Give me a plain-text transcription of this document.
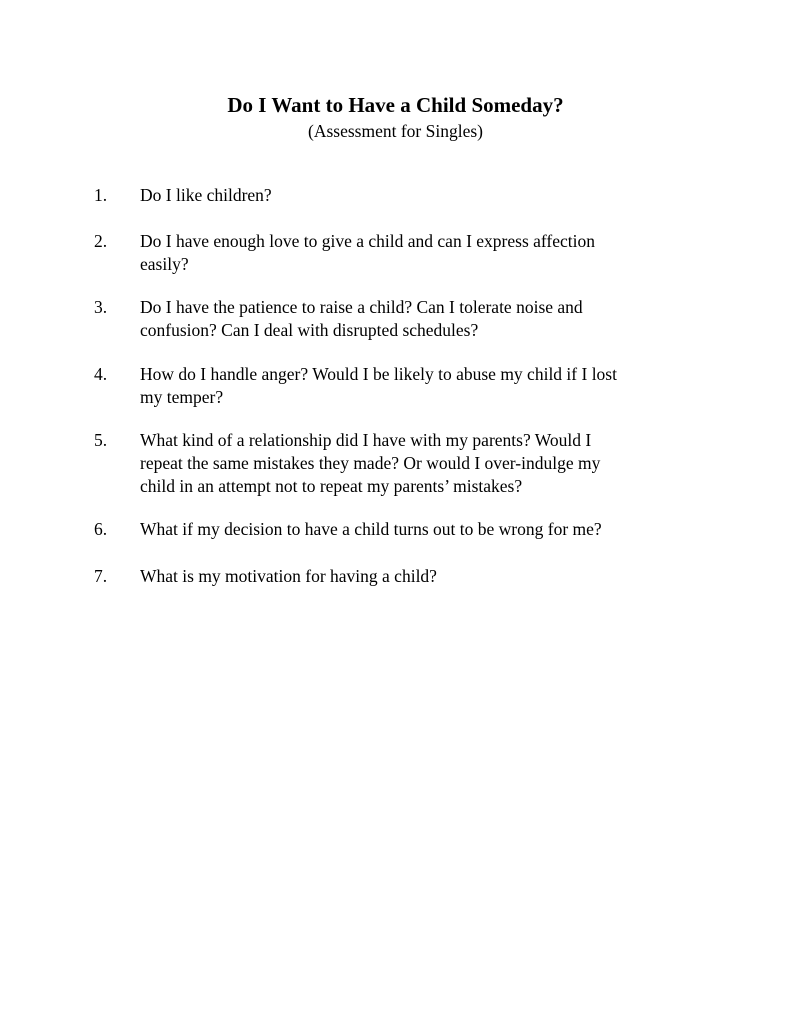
Do I Want to Have a Child Someday?
(Assessment for Singles)
1. Do I like children?
2. Do I have enough love to give a child and can I express affection
easily?
3. Do I have the patience to raise a child? Can I tolerate noise and
confusion? Can I deal with disrupted schedules?
4. How do I handle anger? Would I be likely to abuse my child if I lost
my temper?
5. What kind of a relationship did I have with my parents? Would I
repeat the same mistakes they made? Or would I over-indulge my
child in an attempt not to repeat my parents’ mistakes?
6. What if my decision to have a child turns out to be wrong for me?
7. What is my motivation for having a child?
